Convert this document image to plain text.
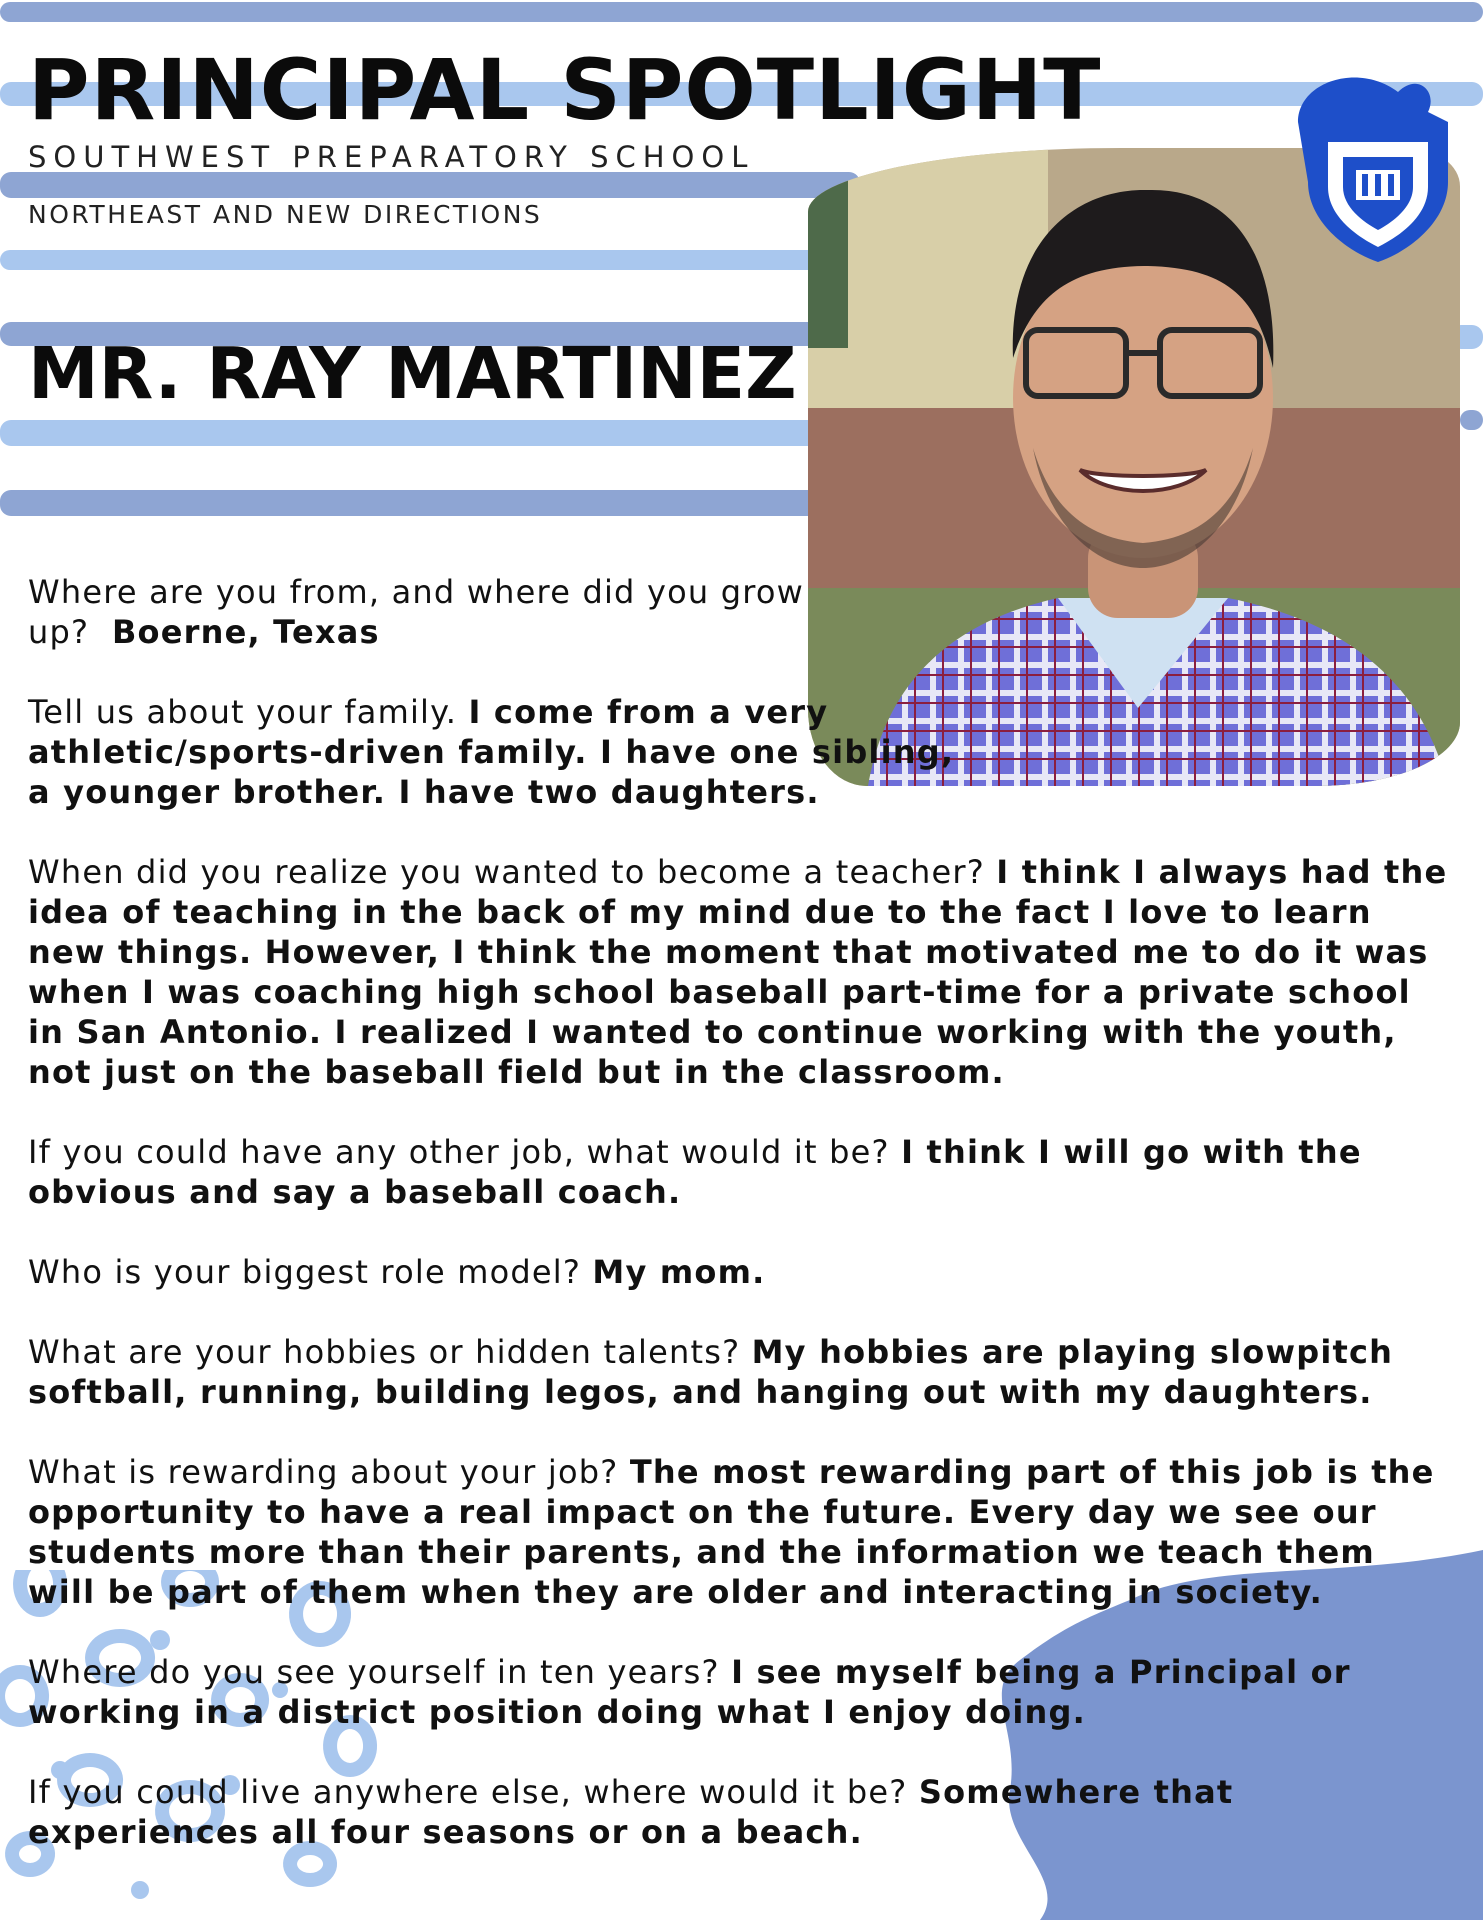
PRINCIPAL SPOTLIGHT
SOUTHWEST PREPARATORY SCHOOL
NORTHEAST AND NEW DIRECTIONS
MR. RAY MARTINEZ

Where are you from, and where did you grow up? Boerne, Texas

Tell us about your family. I come from a very athletic/sports-driven family. I have one sibling, a younger brother. I have two daughters.

When did you realize you wanted to become a teacher? I think I always had the idea of teaching in the back of my mind due to the fact I love to learn new things. However, I think the moment that motivated me to do it was when I was coaching high school baseball part-time for a private school in San Antonio. I realized I wanted to continue working with the youth, not just on the baseball field but in the classroom.

If you could have any other job, what would it be? I think I will go with the obvious and say a baseball coach.

Who is your biggest role model? My mom.

What are your hobbies or hidden talents? My hobbies are playing slowpitch softball, running, building legos, and hanging out with my daughters.

What is rewarding about your job? The most rewarding part of this job is the opportunity to have a real impact on the future. Every day we see our students more than their parents, and the information we teach them will be part of them when they are older and interacting in society.

Where do you see yourself in ten years? I see myself being a Principal or working in a district position doing what I enjoy doing.

If you could live anywhere else, where would it be? Somewhere that experiences all four seasons or on a beach.
